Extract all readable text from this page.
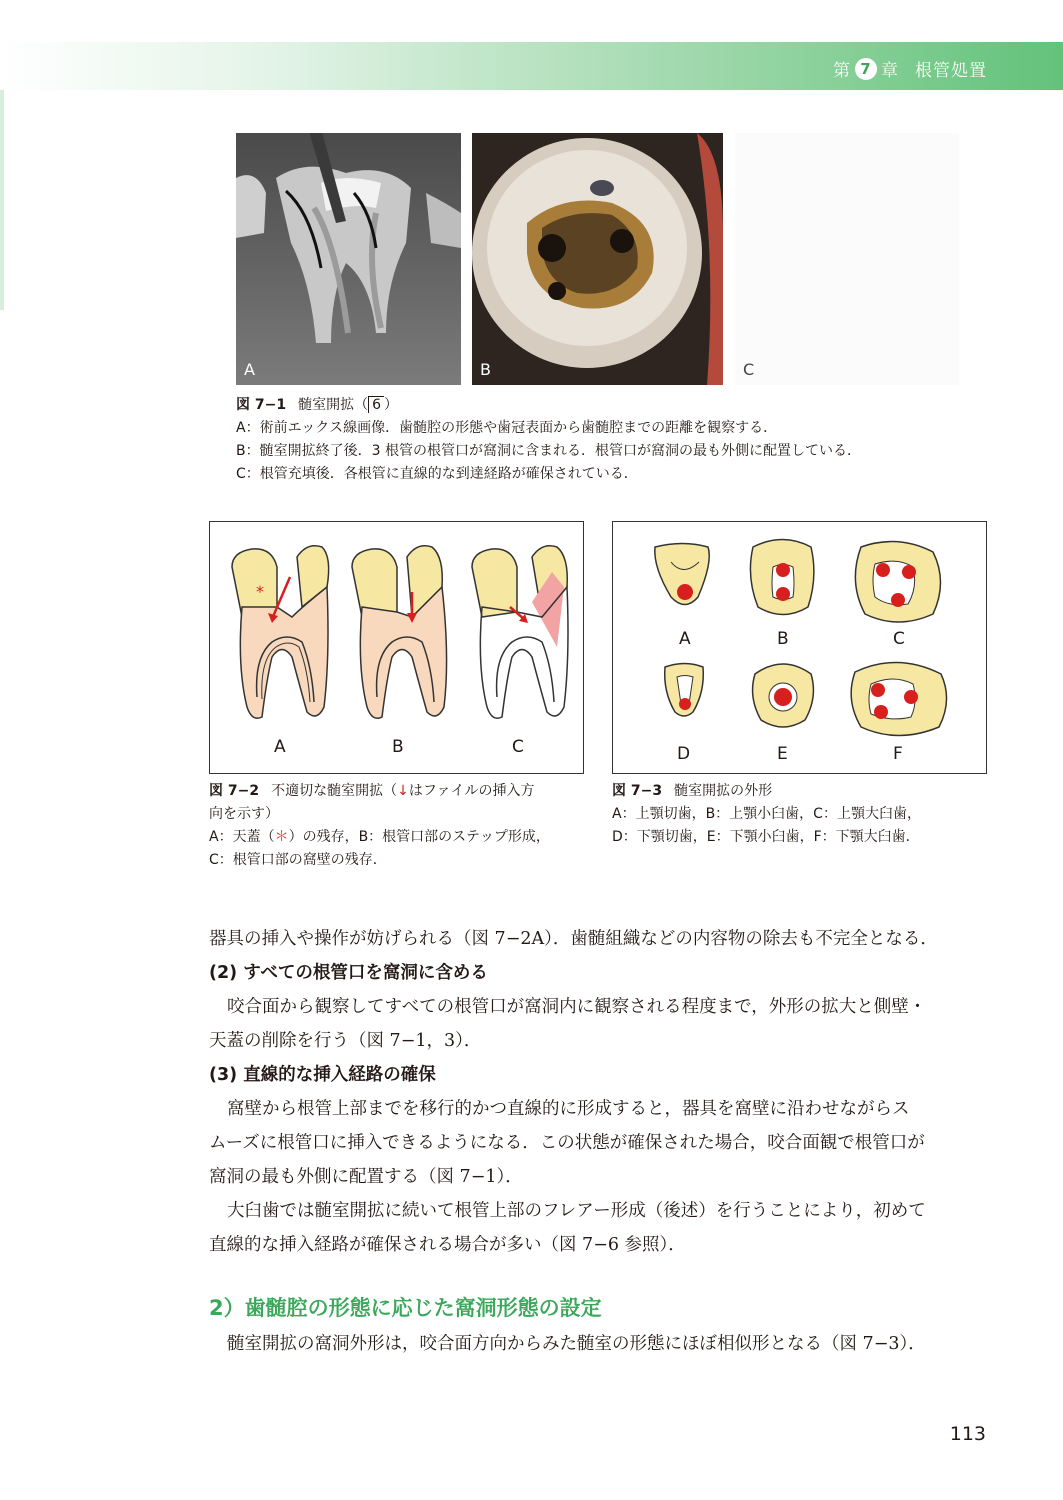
第 7 章 根管処置
A	B	C
図 7−1 髄室開拡（ 6 ）
A：術前エックス線画像．歯髄腔の形態や歯冠表面から歯髄腔までの距離を観察する．
B：髄室開拡終了後．3 根管の根管口が窩洞に含まれる．根管口が窩洞の最も外側に配置している．
C：根管充填後．各根管に直線的な到達経路が確保されている．
*
A	B	C
A	B	C
D	E	F
図 7−2 不適切な髄室開拡（↓はファイルの挿入方
向を示す）
A：天蓋（＊）の残存，B：根管口部のステップ形成，
C：根管口部の窩壁の残存．
図 7−3 髄室開拡の外形
A：上顎切歯，B：上顎小臼歯，C：上顎大臼歯，
D：下顎切歯，E：下顎小臼歯，F：下顎大臼歯．
器具の挿入や操作が妨げられる（図 7−2A）．歯髄組織などの内容物の除去も不完全となる．
(2) すべての根管口を窩洞に含める
咬合面から観察してすべての根管口が窩洞内に観察される程度まで，外形の拡大と側壁・
天蓋の削除を行う（図 7−1，3）．
(3) 直線的な挿入経路の確保
窩壁から根管上部までを移行的かつ直線的に形成すると，器具を窩壁に沿わせながらス
ムーズに根管口に挿入できるようになる．この状態が確保された場合，咬合面観で根管口が
窩洞の最も外側に配置する（図 7−1）．
大臼歯では髄室開拡に続いて根管上部のフレアー形成（後述）を行うことにより，初めて
直線的な挿入経路が確保される場合が多い（図 7−6 参照）．
2）歯髄腔の形態に応じた窩洞形態の設定
髄室開拡の窩洞外形は，咬合面方向からみた髄室の形態にほぼ相似形となる（図 7−3）．
113
